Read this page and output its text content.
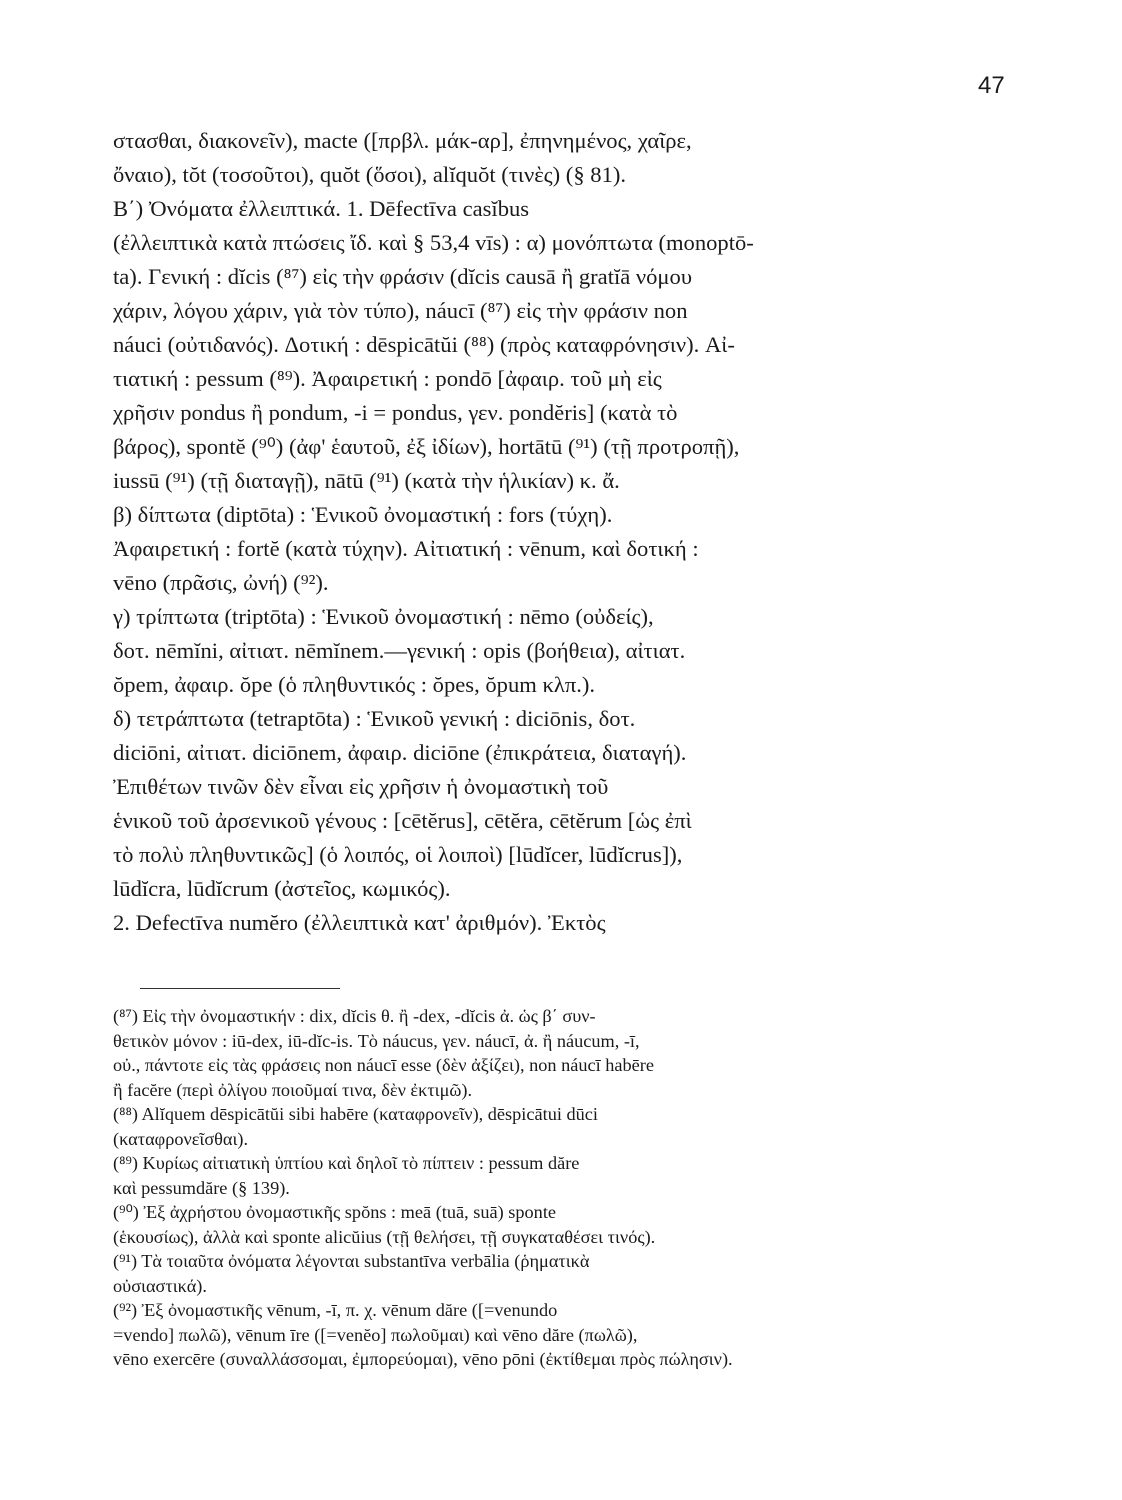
47
στασθαι, διακονεῖν), macte ([πρβλ. μάκ-αρ], ἐπηνημένος, χαῖρε,
ὄναιο), tŏt (τοσοῦτοι), quŏt (ὅσοι), alĭquŏt (τινὲς) (§ 81).
Β΄) Ὀνόματα ἐλλειπτικά. 1. Dēfectīva casĭbus
(ἐλλειπτικὰ κατὰ πτώσεις ἴδ. καὶ § 53,4 vīs) : α) μονόπτωτα (monoptō-
ta). Γενική : dĭcis (⁸⁷) εἰς τὴν φράσιν (dĭcis causā ἢ gratĭā νόμου
χάριν, λόγου χάριν, γιὰ τὸν τύπο), náucī (⁸⁷) εἰς τὴν φράσιν non
náuci (οὐτιδανός). Δοτική : dēspicātŭi (⁸⁸) (πρὸς καταφρόνησιν). Αἰ-
τιατική : pessum (⁸⁹). Ἀφαιρετική : pondō [ἀφαιρ. τοῦ μὴ εἰς
χρῆσιν pondus ἢ pondum, -i = pondus, γεν. pondĕris] (κατὰ τὸ
βάρος), spontĕ (⁹⁰) (ἀφ' ἑαυτοῦ, ἐξ ἰδίων), hortātū (⁹¹) (τῇ προτροπῇ),
iussū (⁹¹) (τῇ διαταγῇ), nātū (⁹¹) (κατὰ τὴν ἡλικίαν) κ. ἄ.
β) δίπτωτα (diptōta) : Ἑνικοῦ ὀνομαστική : fors (τύχη).
Ἀφαιρετική : fortĕ (κατὰ τύχην). Αἰτιατική : vēnum, καὶ δοτική :
vēno (πρᾶσις, ὠνή) (⁹²).
γ) τρίπτωτα (triptōta) : Ἑνικοῦ ὀνομαστική : nēmo (οὐδείς),
δοτ. nēmĭni, αἰτιατ. nēmĭnem.—γενική : opis (βοήθεια), αἰτιατ.
ŏpem, ἀφαιρ. ŏpe (ὁ πληθυντικός : ŏpes, ŏpum κλπ.).
δ) τετράπτωτα (tetraptōta) : Ἑνικοῦ γενική : diciōnis, δοτ.
diciōni, αἰτιατ. diciōnem, ἀφαιρ. diciōne (ἐπικράτεια, διαταγή).
Ἐπιθέτων τινῶν δὲν εἶναι εἰς χρῆσιν ἡ ὀνομαστικὴ τοῦ
ἑνικοῦ τοῦ ἀρσενικοῦ γένους : [cētĕrus], cētĕra, cētĕrum [ὡς ἐπὶ
τὸ πολὺ πληθυντικῶς] (ὁ λοιπός, οἱ λοιποὶ) [lūdĭcer, lūdĭcrus]),
lūdĭcra, lūdĭcrum (ἀστεῖος, κωμικός).
2. Defectīva numĕro (ἐλλειπτικὰ κατ' ἀριθμόν). Ἐκτὸς
(⁸⁷) Εἰς τὴν ὀνομαστικήν : dix, dĭcis θ. ἢ -dex, -dĭcis ἀ. ὡς β΄ συν-
θετικὸν μόνον : iū-dex, iū-dĭc-is. Τὸ náucus, γεν. náucī, ἀ. ἢ náucum, -ī,
οὐ., πάντοτε εἰς τὰς φράσεις non náucī esse (δὲν ἀξίζει), non náucī habēre
ἢ facĕre (περὶ ὀλίγου ποιοῦμαί τινα, δὲν ἐκτιμῶ).
(⁸⁸) Alĭquem dēspicātŭi sibi habēre (καταφρονεῖν), dēspicātui dūci
(καταφρονεῖσθαι).
(⁸⁹) Κυρίως αἰτιατικὴ ὑπτίου καὶ δηλοῖ τὸ πίπτειν : pessum dăre
καὶ pessumdăre (§ 139).
(⁹⁰) Ἐξ ἀχρήστου ὀνομαστικῆς spŏns : meā (tuā, suā) sponte
(ἑκουσίως), ἀλλὰ καὶ sponte alicŭius (τῇ θελήσει, τῇ συγκαταθέσει τινός).
(⁹¹) Τὰ τοιαῦτα ὀνόματα λέγονται substantīva verbālia (ῥηματικὰ
οὐσιαστικά).
(⁹²) Ἐξ ὀνομαστικῆς vēnum, -ī, π. χ. vēnum dăre ([=venundo
=vendo] πωλῶ), vēnum īre ([=venĕo] πωλοῦμαι) καὶ vēno dăre (πωλῶ),
vēno exercēre (συναλλάσσομαι, ἐμπορεύομαι), vēno pōni (ἐκτίθεμαι πρὸς πώλησιν).
